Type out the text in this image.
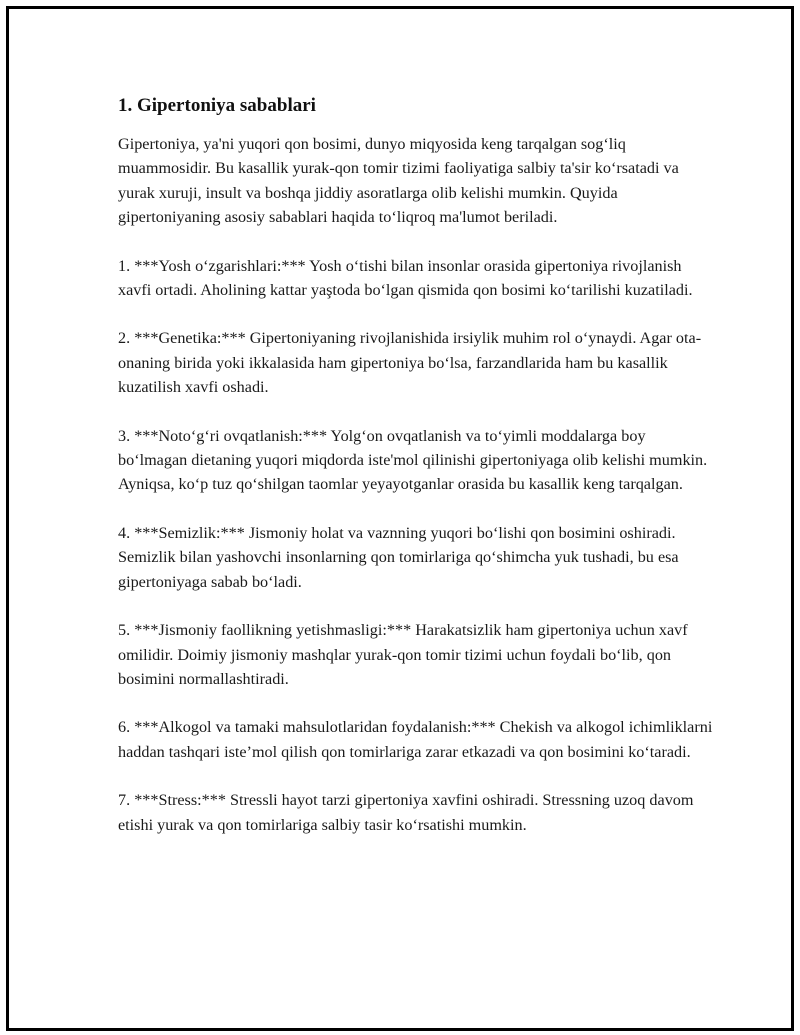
1. Gipertoniya sabablari

Gipertoniya, ya'ni yuqori qon bosimi, dunyo miqyosida keng tarqalgan sog‘liq muammosidir. Bu kasallik yurak-qon tomir tizimi faoliyatiga salbiy ta'sir ko‘rsatadi va yurak xuruji, insult va boshqa jiddiy asoratlarga olib kelishi mumkin. Quyida gipertoniyaning asosiy sabablari haqida to‘liqroq ma'lumot beriladi.

1. ***Yosh o‘zgarishlari:*** Yosh o‘tishi bilan insonlar orasida gipertoniya rivojlanish xavfi ortadi. Aholining kattar yaştoda bo‘lgan qismida qon bosimi ko‘tarilishi kuzatiladi.

2. ***Genetika:*** Gipertoniyaning rivojlanishida irsiylik muhim rol o‘ynaydi. Agar ota-onaning birida yoki ikkalasida ham gipertoniya bo‘lsa, farzandlarida ham bu kasallik kuzatilish xavfi oshadi.

3. ***Noto‘g‘ri ovqatlanish:*** Yolg‘on ovqatlanish va to‘yimli moddalarga boy bo‘lmagan dietaning yuqori miqdorda iste'mol qilinishi gipertoniyaga olib kelishi mumkin. Ayniqsa, ko‘p tuz qo‘shilgan taomlar yeyayotganlar orasida bu kasallik keng tarqalgan.

4. ***Semizlik:*** Jismoniy holat va vaznning yuqori bo‘lishi qon bosimini oshiradi. Semizlik bilan yashovchi insonlarning qon tomirlariga qo‘shimcha yuk tushadi, bu esa gipertoniyaga sabab bo‘ladi.

5. ***Jismoniy faollikning yetishmasligi:*** Harakatsizlik ham gipertoniya uchun xavf omilidir. Doimiy jismoniy mashqlar yurak-qon tomir tizimi uchun foydali bo‘lib, qon bosimini normallashtiradi.

6. ***Alkogol va tamaki mahsulotlaridan foydalanish:*** Chekish va alkogol ichimliklarni haddan tashqari iste’mol qilish qon tomirlariga zarar etkazadi va qon bosimini ko‘taradi.

7. ***Stress:*** Stressli hayot tarzi gipertoniya xavfini oshiradi. Stressning uzoq davom etishi yurak va qon tomirlariga salbiy tasir ko‘rsatishi mumkin.
